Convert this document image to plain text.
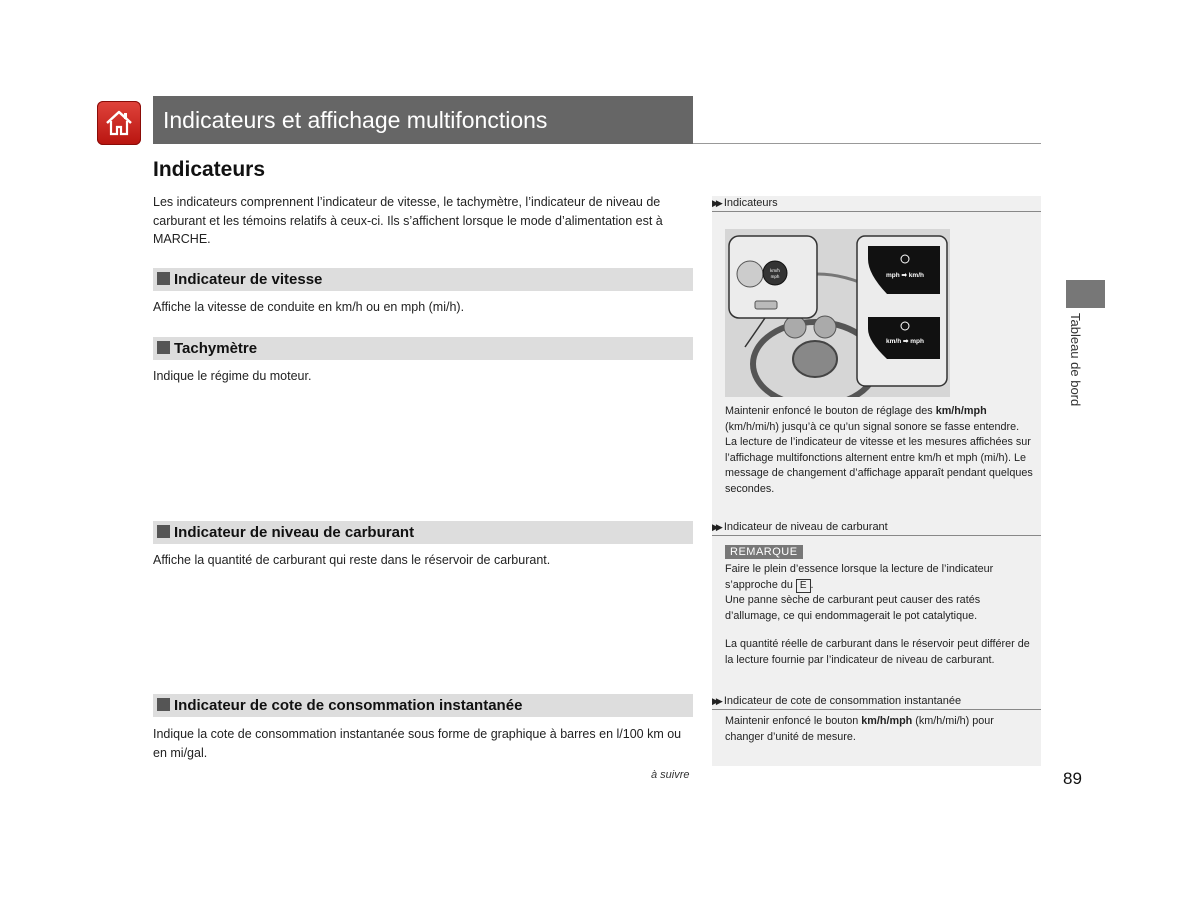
Indicateurs et affichage multifonctions
Indicateurs
Les indicateurs comprennent l’indicateur de vitesse, le tachymètre, l’indicateur de niveau de carburant et les témoins relatifs à ceux-ci. Ils s’affichent lorsque le mode d’alimentation est à MARCHE.
Indicateur de vitesse
Affiche la vitesse de conduite en km/h ou en mph (mi/h).
Tachymètre
Indique le régime du moteur.
Indicateur de niveau de carburant
Affiche la quantité de carburant qui reste dans le réservoir de carburant.
Indicateur de cote de consommation instantanée
Indique la cote de consommation instantanée sous forme de graphique à barres en l/100 km ou en mi/gal.
à suivre
▶▶ Indicateurs
km/h
mph	mph ➡ km/h
km/h ➡ mph
Maintenir enfoncé le bouton de réglage des km/h/mph (km/h/mi/h) jusqu’à ce qu’un signal sonore se fasse entendre. La lecture de l’indicateur de vitesse et les mesures affichées sur l’affichage multifonctions alternent entre km/h et mph (mi/h). Le message de changement d’affichage apparaît pendant quelques secondes.
▶▶ Indicateur de niveau de carburant
REMARQUE
Faire le plein d’essence lorsque la lecture de l’indicateur s’approche du E .
Une panne sèche de carburant peut causer des ratés d’allumage, ce qui endommagerait le pot catalytique.
La quantité réelle de carburant dans le réservoir peut différer de la lecture fournie par l’indicateur de niveau de carburant.
▶▶ Indicateur de cote de consommation instantanée
Maintenir enfoncé le bouton km/h/mph (km/h/mi/h) pour changer d’unité de mesure.
Tableau de bord
89
